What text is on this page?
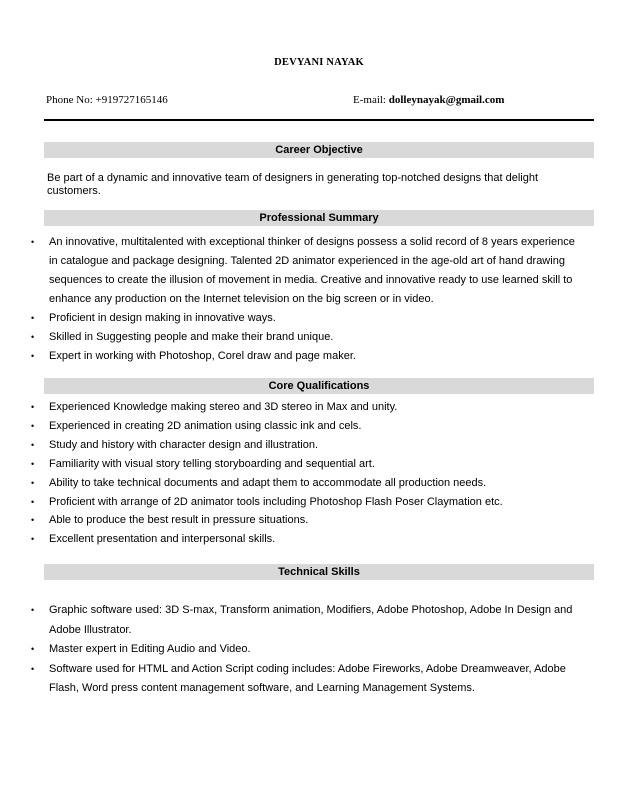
DEVYANI NAYAK
Phone No: +919727165146	E-mail: dolleynayak@gmail.com
Career Objective
Be part of a dynamic and innovative team of designers in generating top-notched designs that delight customers.
Professional Summary
• An innovative, multitalented with exceptional thinker of designs possess a solid record of 8 years experience in catalogue and package designing. Talented 2D animator experienced in the age-old art of hand drawing sequences to create the illusion of movement in media. Creative and innovative ready to use learned skill to enhance any production on the Internet television on the big screen or in video.
• Proficient in design making in innovative ways.
• Skilled in Suggesting people and make their brand unique.
• Expert in working with Photoshop, Corel draw and page maker.
Core Qualifications
• Experienced Knowledge making stereo and 3D stereo in Max and unity.
• Experienced in creating 2D animation using classic ink and cels.
• Study and history with character design and illustration.
• Familiarity with visual story telling storyboarding and sequential art.
• Ability to take technical documents and adapt them to accommodate all production needs.
• Proficient with arrange of 2D animator tools including Photoshop Flash Poser Claymation etc.
• Able to produce the best result in pressure situations.
• Excellent presentation and interpersonal skills.
Technical Skills
• Graphic software used: 3D S-max, Transform animation, Modifiers, Adobe Photoshop, Adobe In Design and Adobe Illustrator.
• Master expert in Editing Audio and Video.
• Software used for HTML and Action Script coding includes: Adobe Fireworks, Adobe Dreamweaver, Adobe Flash, Word press content management software, and Learning Management Systems.
